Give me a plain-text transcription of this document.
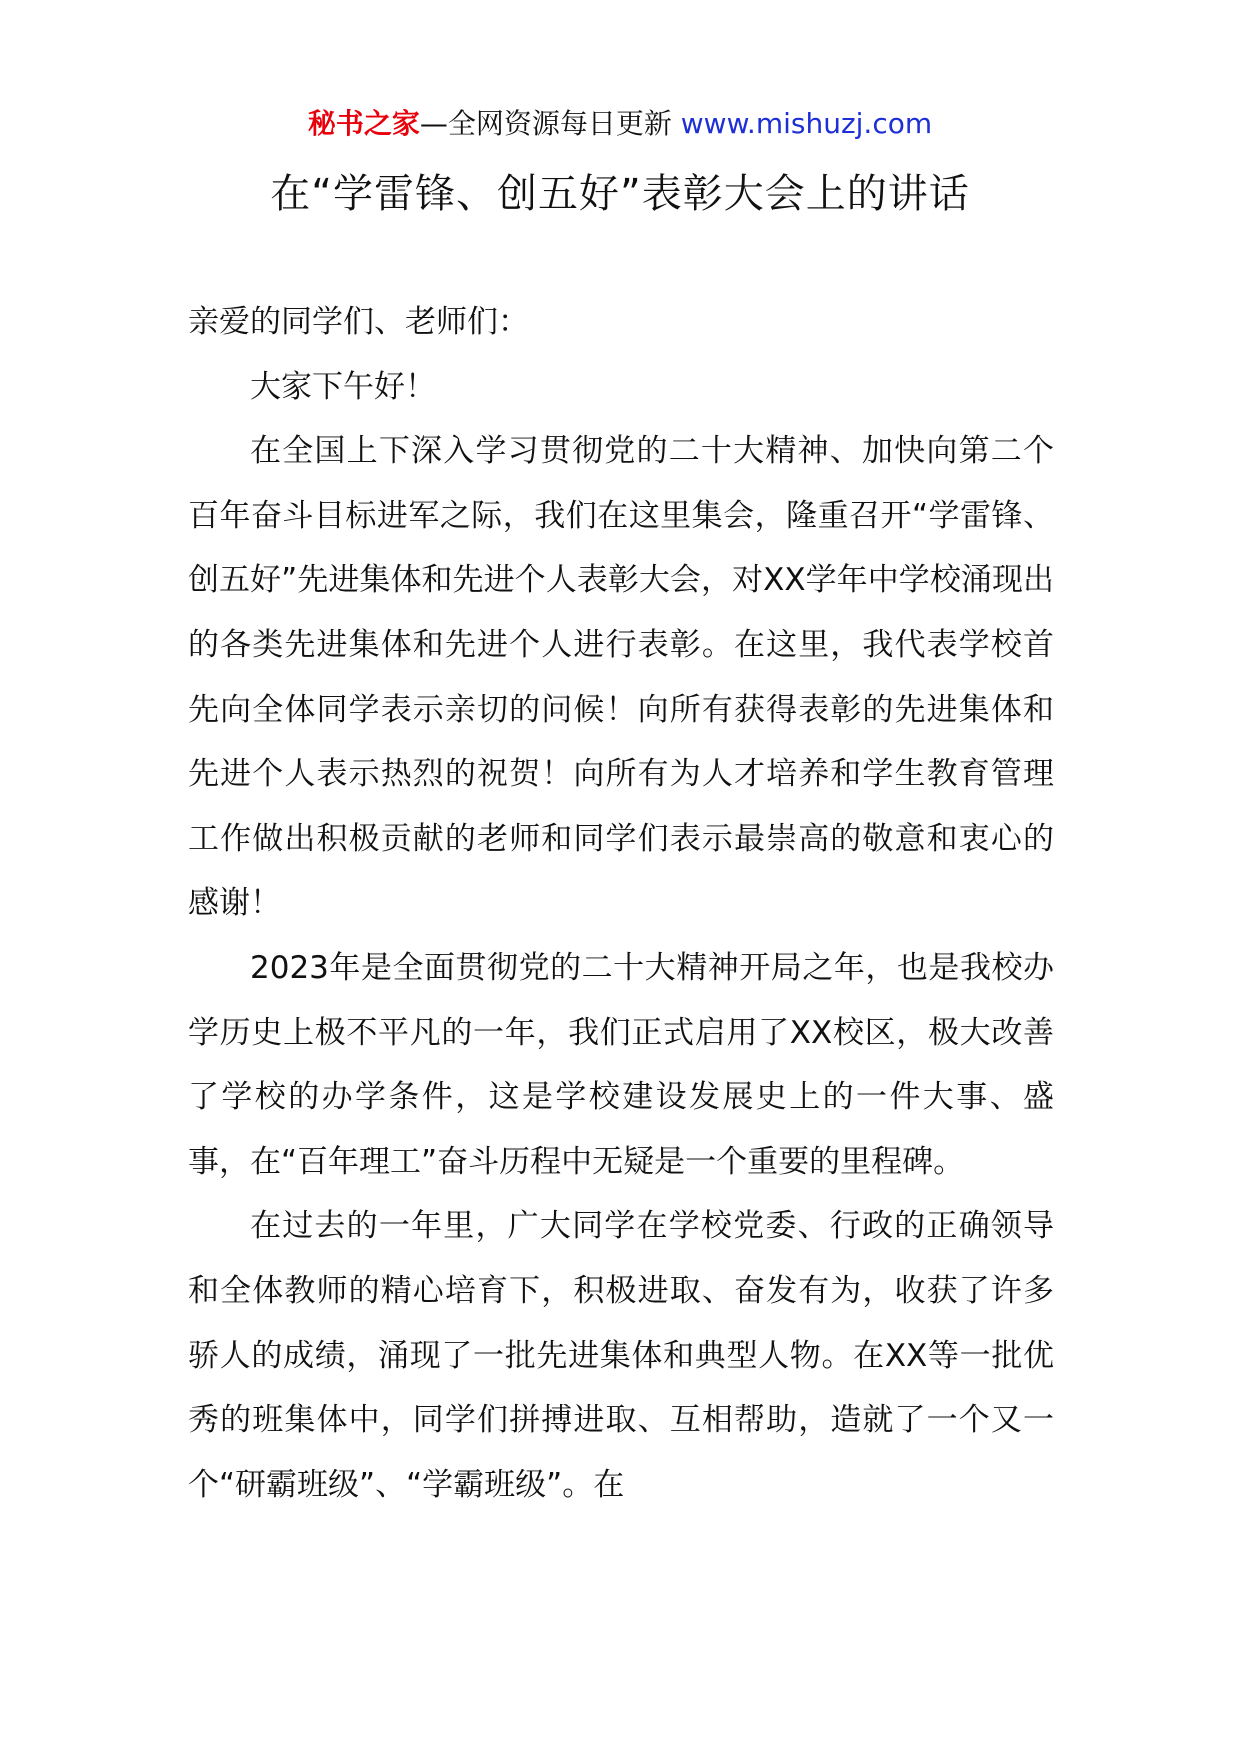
秘书之家—全网资源每日更新 www.mishuzj.com
在“学雷锋、创五好”表彰大会上的讲话

亲爱的同学们、老师们：

大家下午好！

在全国上下深入学习贯彻党的二十大精神、加快向第二个百年奋斗目标进军之际，我们在这里集会，隆重召开“学雷锋、创五好”先进集体和先进个人表彰大会，对XX学年中学校涌现出的各类先进集体和先进个人进行表彰。在这里，我代表学校首先向全体同学表示亲切的问候！向所有获得表彰的先进集体和先进个人表示热烈的祝贺！向所有为人才培养和学生教育管理工作做出积极贡献的老师和同学们表示最崇高的敬意和衷心的感谢！

2023年是全面贯彻党的二十大精神开局之年，也是我校办学历史上极不平凡的一年，我们正式启用了XX校区，极大改善了学校的办学条件，这是学校建设发展史上的一件大事、盛事，在“百年理工”奋斗历程中无疑是一个重要的里程碑。

在过去的一年里，广大同学在学校党委、行政的正确领导和全体教师的精心培育下，积极进取、奋发有为，收获了许多骄人的成绩，涌现了一批先进集体和典型人物。在XX等一批优秀的班集体中，同学们拼搏进取、互相帮助，造就了一个又一个“研霸班级”、“学霸班级”。在
